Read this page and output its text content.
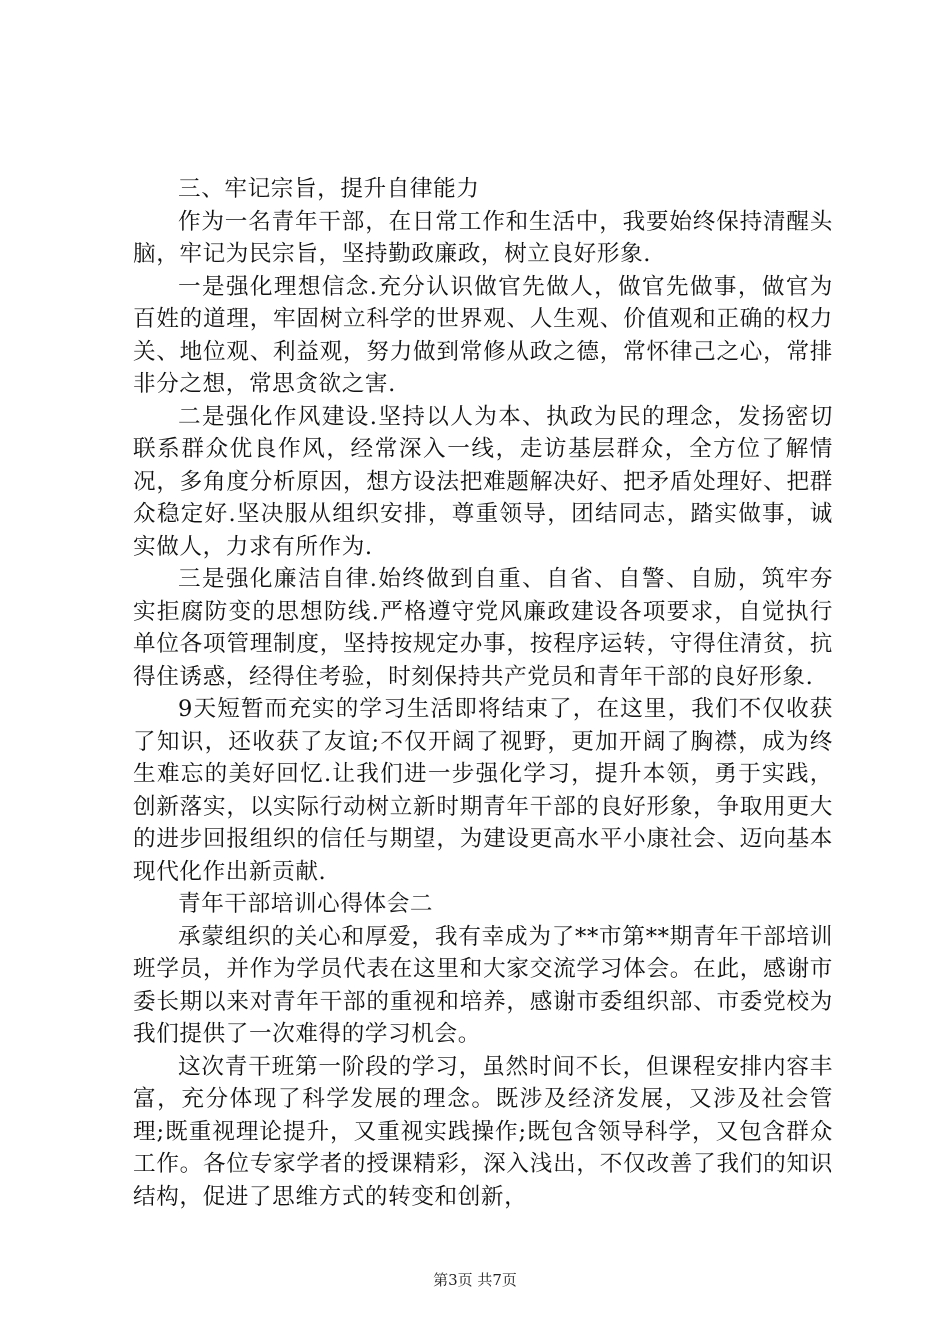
三、牢记宗旨，提升自律能力

作为一名青年干部，在日常工作和生活中，我要始终保持清醒头脑，牢记为民宗旨，坚持勤政廉政，树立良好形象.

一是强化理想信念.充分认识做官先做人，做官先做事，做官为百姓的道理，牢固树立科学的世界观、人生观、价值观和正确的权力关、地位观、利益观，努力做到常修从政之德，常怀律己之心，常排非分之想，常思贪欲之害.

二是强化作风建设.坚持以人为本、执政为民的理念，发扬密切联系群众优良作风，经常深入一线，走访基层群众，全方位了解情况，多角度分析原因，想方设法把难题解决好、把矛盾处理好、把群众稳定好.坚决服从组织安排，尊重领导，团结同志，踏实做事，诚实做人，力求有所作为.

三是强化廉洁自律.始终做到自重、自省、自警、自励，筑牢夯实拒腐防变的思想防线.严格遵守党风廉政建设各项要求，自觉执行单位各项管理制度，坚持按规定办事，按程序运转，守得住清贫，抗得住诱惑，经得住考验，时刻保持共产党员和青年干部的良好形象.

9天短暂而充实的学习生活即将结束了，在这里，我们不仅收获了知识，还收获了友谊;不仅开阔了视野，更加开阔了胸襟，成为终生难忘的美好回忆.让我们进一步强化学习，提升本领，勇于实践，创新落实，以实际行动树立新时期青年干部的良好形象，争取用更大的进步回报组织的信任与期望，为建设更高水平小康社会、迈向基本现代化作出新贡献.

青年干部培训心得体会二

承蒙组织的关心和厚爱，我有幸成为了**市第**期青年干部培训班学员，并作为学员代表在这里和大家交流学习体会。在此，感谢市委长期以来对青年干部的重视和培养，感谢市委组织部、市委党校为我们提供了一次难得的学习机会。

这次青干班第一阶段的学习，虽然时间不长，但课程安排内容丰富，充分体现了科学发展的理念。既涉及经济发展，又涉及社会管理;既重视理论提升，又重视实践操作;既包含领导科学，又包含群众工作。各位专家学者的授课精彩，深入浅出，不仅改善了我们的知识结构，促进了思维方式的转变和创新，

第3页 共7页
